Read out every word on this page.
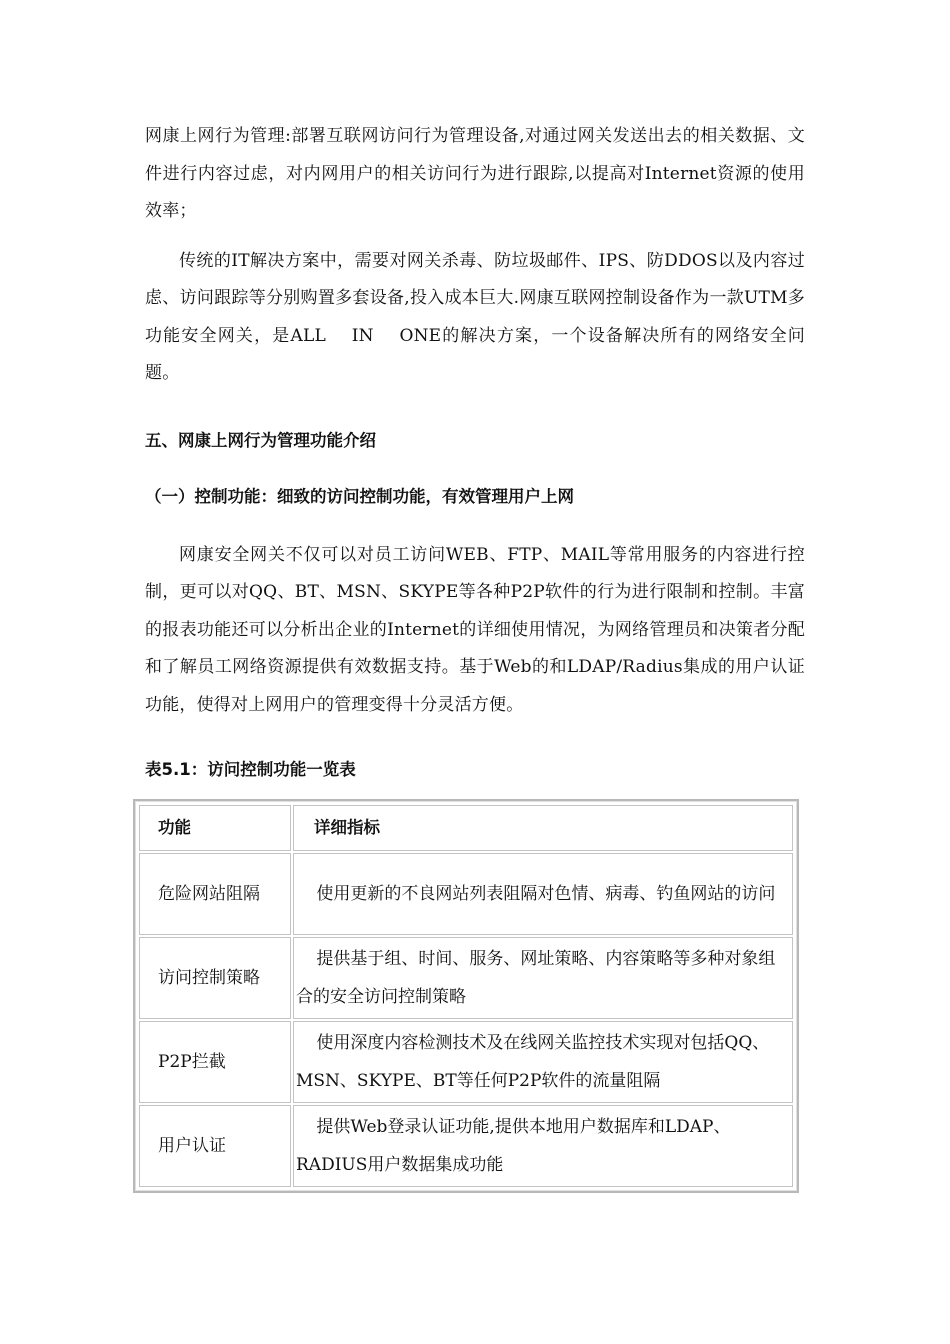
网康上网行为管理:部署互联网访问行为管理设备,对通过网关发送出去的相关数据、文件进行内容过虑，对内网用户的相关访问行为进行跟踪,以提高对Internet资源的使用效率；

传统的IT解决方案中，需要对网关杀毒、防垃圾邮件、IPS、防DDOS以及内容过虑、访问跟踪等分别购置多套设备,投入成本巨大.网康互联网控制设备作为一款UTM多功能安全网关，是ALL　 IN　 ONE的解决方案，一个设备解决所有的网络安全问题。

五、网康上网行为管理功能介绍
（一）控制功能：细致的访问控制功能，有效管理用户上网

网康安全网关不仅可以对员工访问WEB、FTP、MAIL等常用服务的内容进行控制，更可以对QQ、BT、MSN、SKYPE等各种P2P软件的行为进行限制和控制。丰富的报表功能还可以分析出企业的Internet的详细使用情况，为网络管理员和决策者分配和了解员工网络资源提供有效数据支持。基于Web的和LDAP/Radius集成的用户认证功能，使得对上网用户的管理变得十分灵活方便。

表5.1：访问控制功能一览表
功能	详细指标
危险网站阻隔	使用更新的不良网站列表阻隔对色情、病毒、钓鱼网站的访问

访问控制策略	提供基于组、时间、服务、网址策略、内容策略等多种对象组合的安全访问控制策略

P2P拦截	使用深度内容检测技术及在线网关监控技术实现对包括QQ、MSN、SKYPE、BT等任何P2P软件的流量阻隔

用户认证	提供Web登录认证功能,提供本地用户数据库和LDAP、RADIUS用户数据集成功能
